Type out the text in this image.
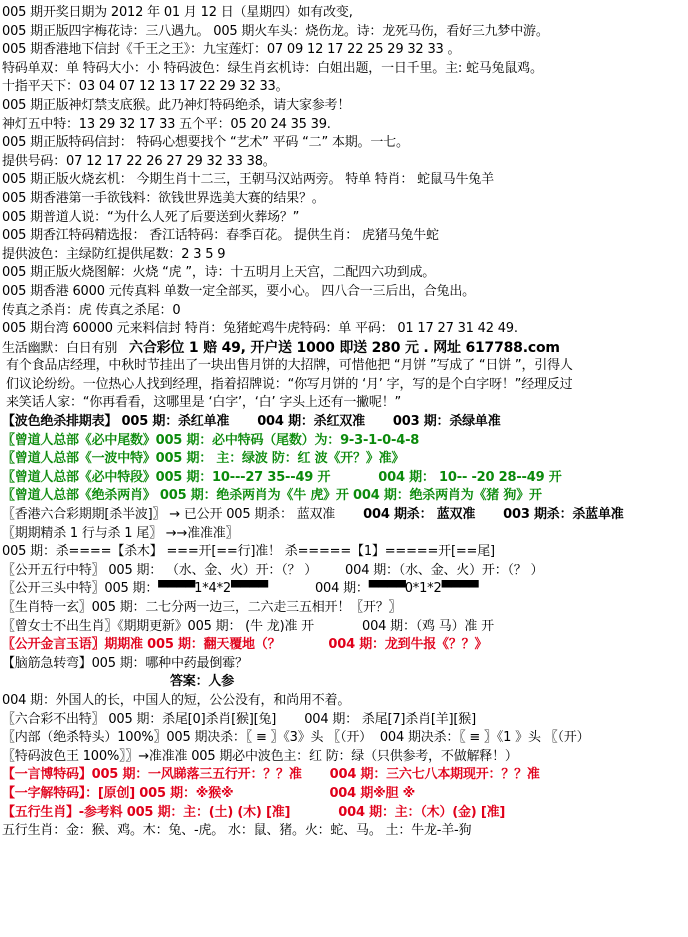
005 期开奖日期为 2012 年 01 月 12 日（星期四）如有改变,
005 期正版四字梅花诗：三八遇九。 005 期火车头：烧伤龙。诗：龙死马伤，看好三九梦中游。
005 期香港地下信封《千王之王》：九宝莲灯：07 09 12 17 22 25 29 32 33 。
特码单双：单 特码大小：小 特码波色：绿生肖玄机诗：白姐出题，一日千里。主: 蛇马兔鼠鸡。
十指平天下：03 04 07 12 13 17 22 29 32 33。
005 期正版神灯禁支底猴。此乃神灯特码绝杀，请大家参考！
神灯五中特：13 29 32 17 33 五个平：05 20 24 35 39.
005 期正版特码信封： 特码心想要找个 “艺术” 平码 “二” 本期。一七。
提供号码：07 12 17 22 26 27 29 32 33 38。
005 期正版火烧玄机： 今期生肖十二三，王朝马汉站两旁。 特单 特肖： 蛇鼠马牛兔羊
005 期香港第一手欲钱料：欲钱世界选美大赛的结果？。
005 期普道人说：“为什么人死了后要送到火葬场？”
005 期香江特码精选报： 香江话特码：春季百花。 提供生肖： 虎猪马兔牛蛇
提供波色：主绿防红提供尾数：2 3 5 9
005 期正版火烧图解：火烧 “虎 ”，诗：十五明月上天宫，二配四六功到成。
005 期香港 6000 元传真料 单数一定全部买，要小心。 四八合一三后出，合兔出。
传真之杀肖：虎 传真之杀尾：0
005 期台湾 60000 元来料信封 特肖：兔猪蛇鸡牛虎特码：单 平码： 01 17 27 31 42 49.
生活幽默：白日有别 六合彩位 1 赔 49, 开户送 1000 即送 280 元 . 网址 617788.com
有个食品店经理，中秋时节挂出了一块出售月饼的大招牌，可惜他把 “月饼 ”写成了 “日饼 ”，引得人
们议论纷纷。一位热心人找到经理，指着招牌说：“你写月饼的 ‘月’ 字，写的是个白字呀！”经理反过
来笑话人家：“你再看看，这哪里是 ‘白字’，‘白’ 字头上还有一撇呢！”
【波色绝杀排期表】 005 期：杀红单准 004 期：杀红双准 003 期：杀绿单准
〖曾道人总部《必中尾数》005 期：必中特码（尾数）为：9-3-1-0-4-8
〖曾道人总部《一波中特》005 期： 主：绿波 防：红 波《开？》准》
〖曾道人总部《必中特段》005 期：10---27 35--49 开	004 期： 10-- -20 28--49 开
〖曾道人总部《绝杀两肖》 005 期：绝杀两肖为《牛 虎》开 004 期：绝杀两肖为《猪 狗》开
〖香港六合彩期期[杀半波]〗 → 已公开 005 期杀： 蓝双准 004 期杀： 蓝双准 003 期杀：杀蓝单准
〖期期精杀 1 行与杀 1 尾〗 →→准准准〗
005 期：杀====【杀木】 ===开[==行]准！ 杀=====【1】=====开[==尾]
〖公开五行中特〗 005 期： （水、金、火）开：（？ ） 004 期：（水、金、火）开：（？ ）
〖公开三头中特〗005 期：▀▀▀▀1*4*2▀▀▀▀	004 期：▀▀▀▀0*1*2▀▀▀▀
〖生肖特一玄〗005 期：二七分两一边三，二六走三五相开！〖开？〗
〖曾女士不出生肖〗《期期更新》005 期： (牛 龙)准 开	004 期：（鸡 马）准 开
〖公开金言玉语〗期期准 005 期：翻天覆地（？	004 期：龙到牛报《？？》
【脑筋急转弯】005 期：哪种中药最倒霉？
答案：人参
004 期：外国人的长，中国人的短，公公没有，和尚用不着。
〖六合彩不出特〗 005 期：杀尾[0]杀肖[猴][兔] 004 期： 杀尾[7]杀肖[羊][猴]
〖内部（绝杀特头）100%〗005 期决杀：〖 ≡ 〗《3》头 〖（开） 004 期决杀：〖 ≡ 〗《1 》头 〖（开）
〖特码波色王 100%〗〗→准准准 005 期必中波色主：红 防：绿（只供参考，不做解释！）
【一言博特码】005 期：一风睇落三五行开：？？准 004 期：三六七八本期现开：？？准
【一字解特码】：[原创] 005 期：※猴※	004 期※胆 ※
【五行生肖】-参考料 005 期：主：(土) (木) [准]	004 期：主：（木）(金) [准]
五行生肖：金：猴、鸡。木：兔、-虎。 水：鼠、猪。火：蛇、马。 土：牛龙-羊-狗
